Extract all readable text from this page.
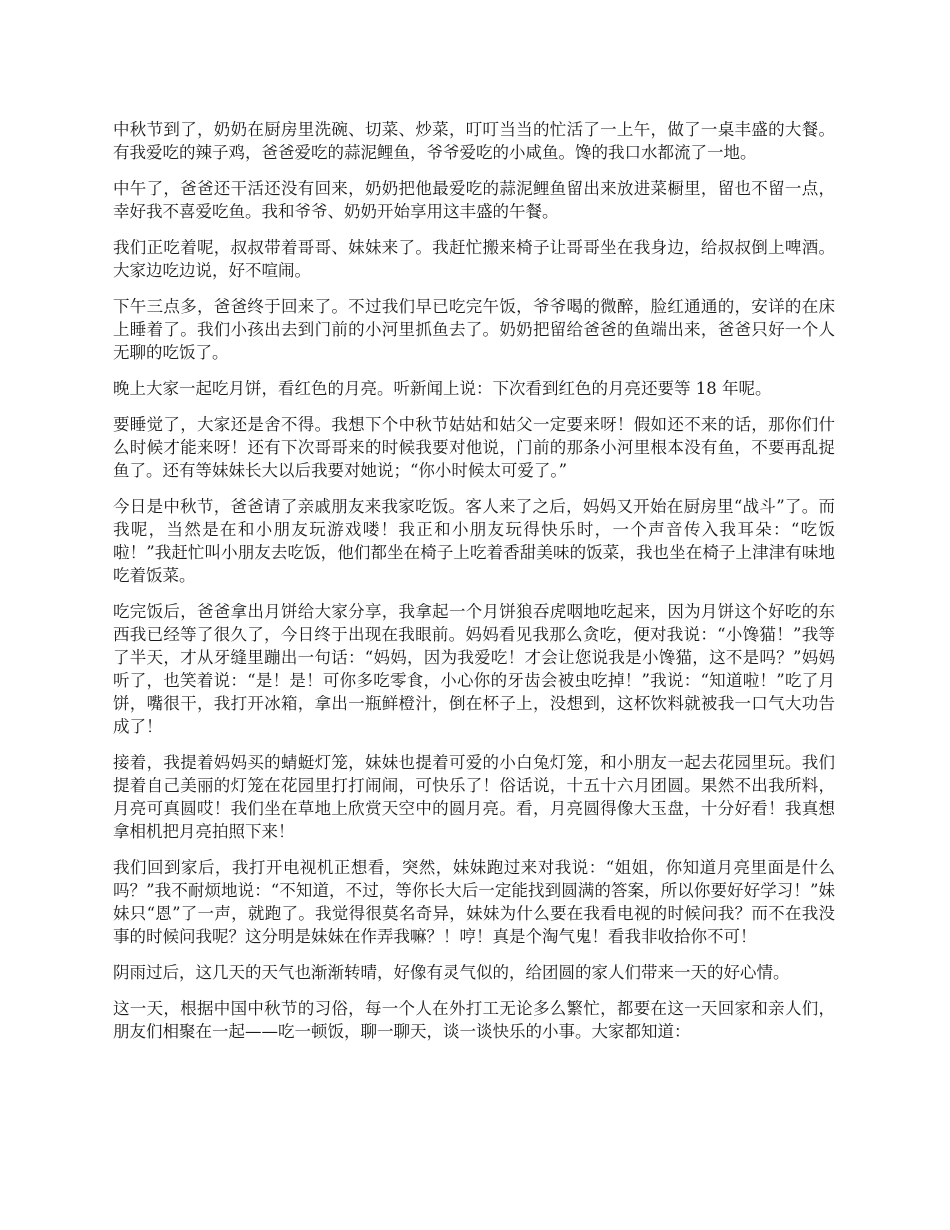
中秋节到了，奶奶在厨房里洗碗、切菜、炒菜，叮叮当当的忙活了一上午，做了一桌丰盛的大餐。有我爱吃的辣子鸡，爸爸爱吃的蒜泥鲤鱼，爷爷爱吃的小咸鱼。馋的我口水都流了一地。

中午了，爸爸还干活还没有回来，奶奶把他最爱吃的蒜泥鲤鱼留出来放进菜橱里，留也不留一点，幸好我不喜爱吃鱼。我和爷爷、奶奶开始享用这丰盛的午餐。

我们正吃着呢，叔叔带着哥哥、妹妹来了。我赶忙搬来椅子让哥哥坐在我身边，给叔叔倒上啤酒。大家边吃边说，好不喧闹。

下午三点多，爸爸终于回来了。不过我们早已吃完午饭，爷爷喝的微醉，脸红通通的，安详的在床上睡着了。我们小孩出去到门前的小河里抓鱼去了。奶奶把留给爸爸的鱼端出来，爸爸只好一个人无聊的吃饭了。

晚上大家一起吃月饼，看红色的月亮。听新闻上说：下次看到红色的月亮还要等 18 年呢。

要睡觉了，大家还是舍不得。我想下个中秋节姑姑和姑父一定要来呀！假如还不来的话，那你们什么时候才能来呀！还有下次哥哥来的时候我要对他说，门前的那条小河里根本没有鱼，不要再乱捉鱼了。还有等妹妹长大以后我要对她说；“你小时候太可爱了。”

今日是中秋节，爸爸请了亲戚朋友来我家吃饭。客人来了之后，妈妈又开始在厨房里“战斗”了。而我呢，当然是在和小朋友玩游戏喽！我正和小朋友玩得快乐时，一个声音传入我耳朵：“吃饭啦！”我赶忙叫小朋友去吃饭，他们都坐在椅子上吃着香甜美味的饭菜，我也坐在椅子上津津有味地吃着饭菜。

吃完饭后，爸爸拿出月饼给大家分享，我拿起一个月饼狼吞虎咽地吃起来，因为月饼这个好吃的东西我已经等了很久了，今日终于出现在我眼前。妈妈看见我那么贪吃，便对我说：“小馋猫！”我等了半天，才从牙缝里蹦出一句话：“妈妈，因为我爱吃！才会让您说我是小馋猫，这不是吗？”妈妈听了，也笑着说：“是！是！可你多吃零食，小心你的牙齿会被虫吃掉！”我说：“知道啦！”吃了月饼，嘴很干，我打开冰箱，拿出一瓶鲜橙汁，倒在杯子上，没想到，这杯饮料就被我一口气大功告成了！

接着，我提着妈妈买的蜻蜓灯笼，妹妹也提着可爱的小白兔灯笼，和小朋友一起去花园里玩。我们提着自己美丽的灯笼在花园里打打闹闹，可快乐了！俗话说，十五十六月团圆。果然不出我所料，月亮可真圆哎！我们坐在草地上欣赏天空中的圆月亮。看，月亮圆得像大玉盘，十分好看！我真想拿相机把月亮拍照下来！

我们回到家后，我打开电视机正想看，突然，妹妹跑过来对我说：“姐姐，你知道月亮里面是什么吗？”我不耐烦地说：“不知道，不过，等你长大后一定能找到圆满的答案，所以你要好好学习！”妹妹只“恩”了一声，就跑了。我觉得很莫名奇异，妹妹为什么要在我看电视的时候问我？而不在我没事的时候问我呢？这分明是妹妹在作弄我嘛？！哼！真是个淘气鬼！看我非收拾你不可！

阴雨过后，这几天的天气也渐渐转晴，好像有灵气似的，给团圆的家人们带来一天的好心情。

这一天，根据中国中秋节的习俗，每一个人在外打工无论多么繁忙，都要在这一天回家和亲人们，朋友们相聚在一起——吃一顿饭，聊一聊天，谈一谈快乐的小事。大家都知道：
